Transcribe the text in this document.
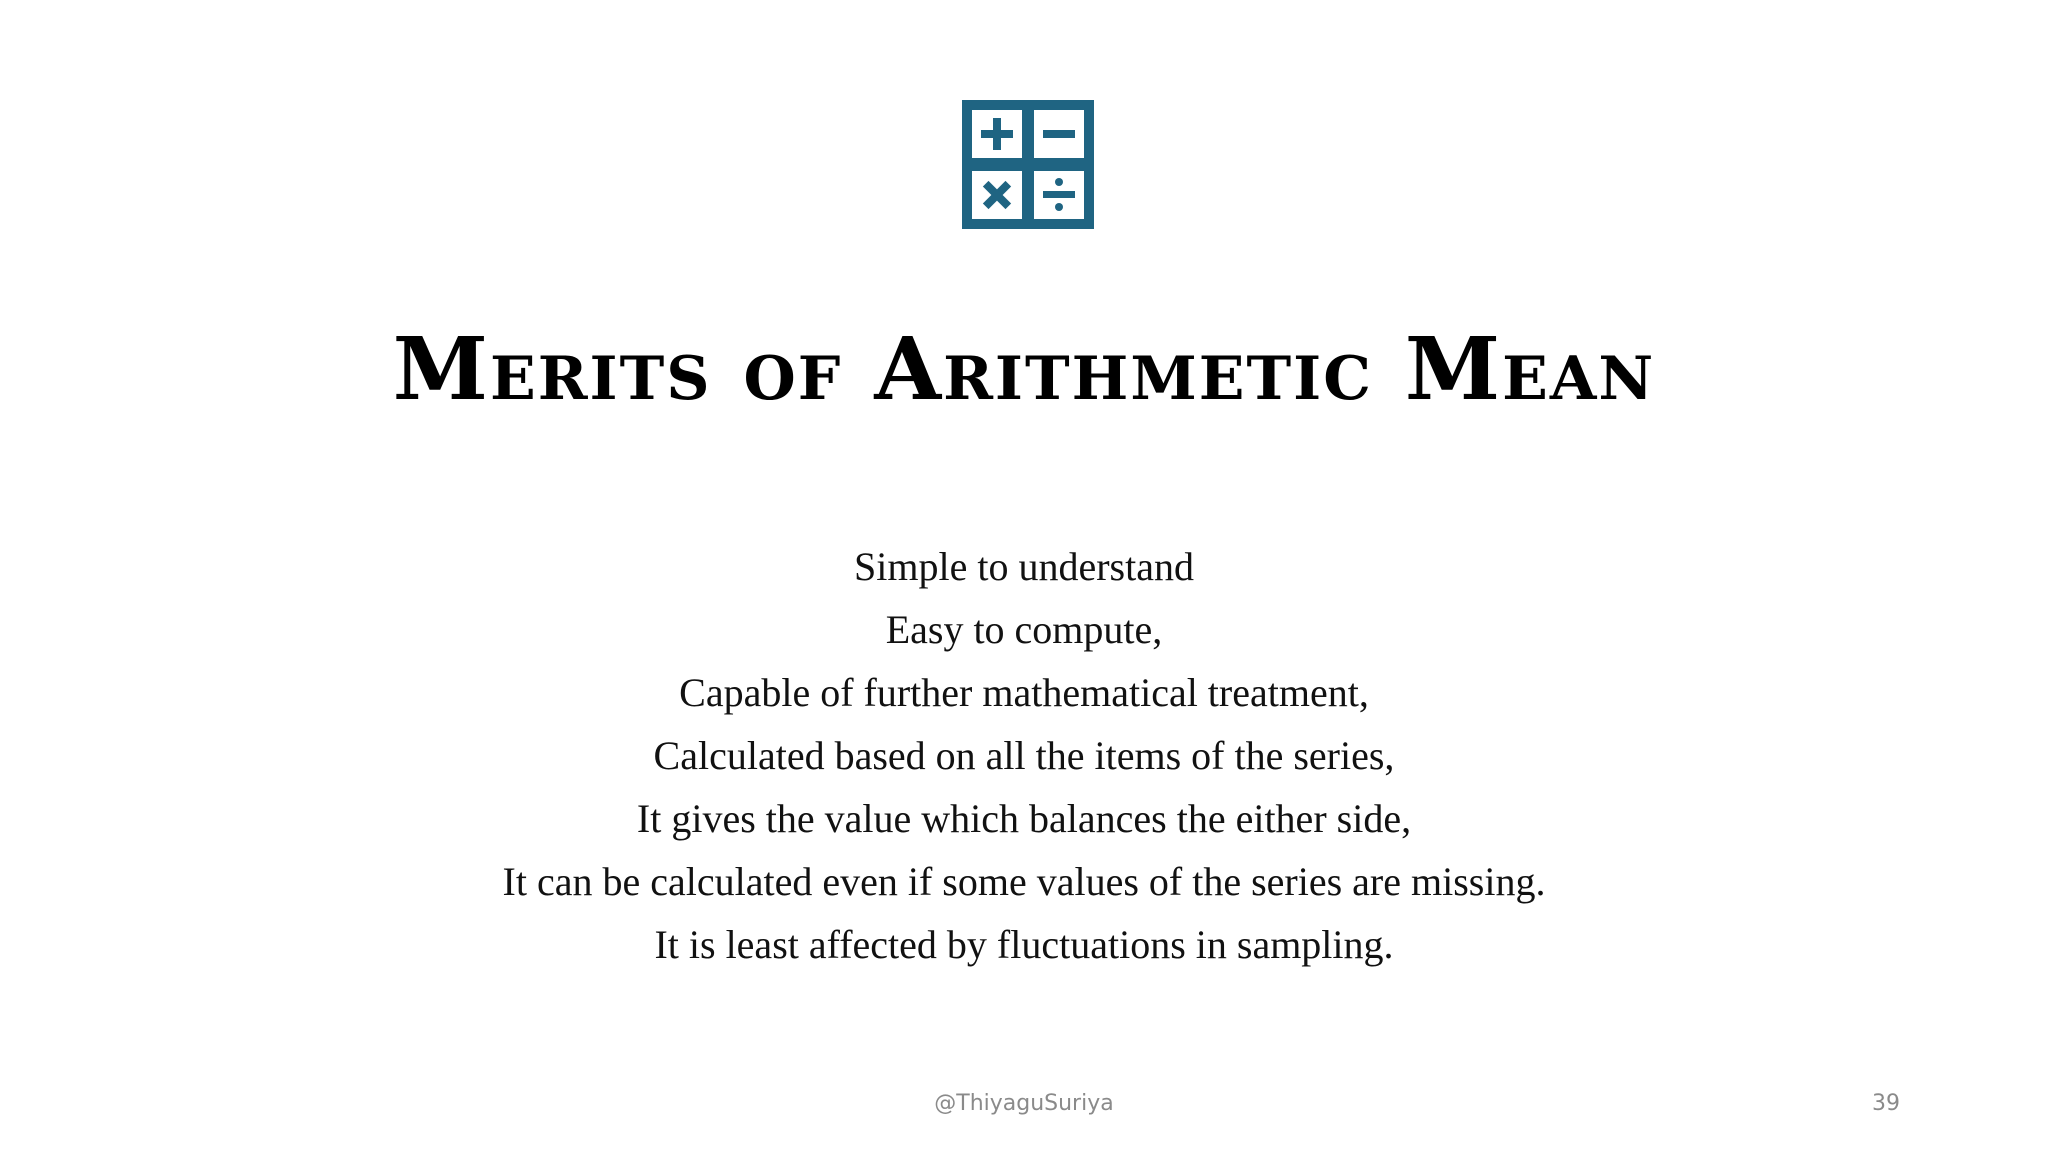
Merits of Arithmetic Mean
Simple to understand
Easy to compute,
Capable of further mathematical treatment,
Calculated based on all the items of the series,
It gives the value which balances the either side,
It can be calculated even if some values of the series are missing.
It is least affected by fluctuations in sampling.
@ThiyaguSuriya	39
